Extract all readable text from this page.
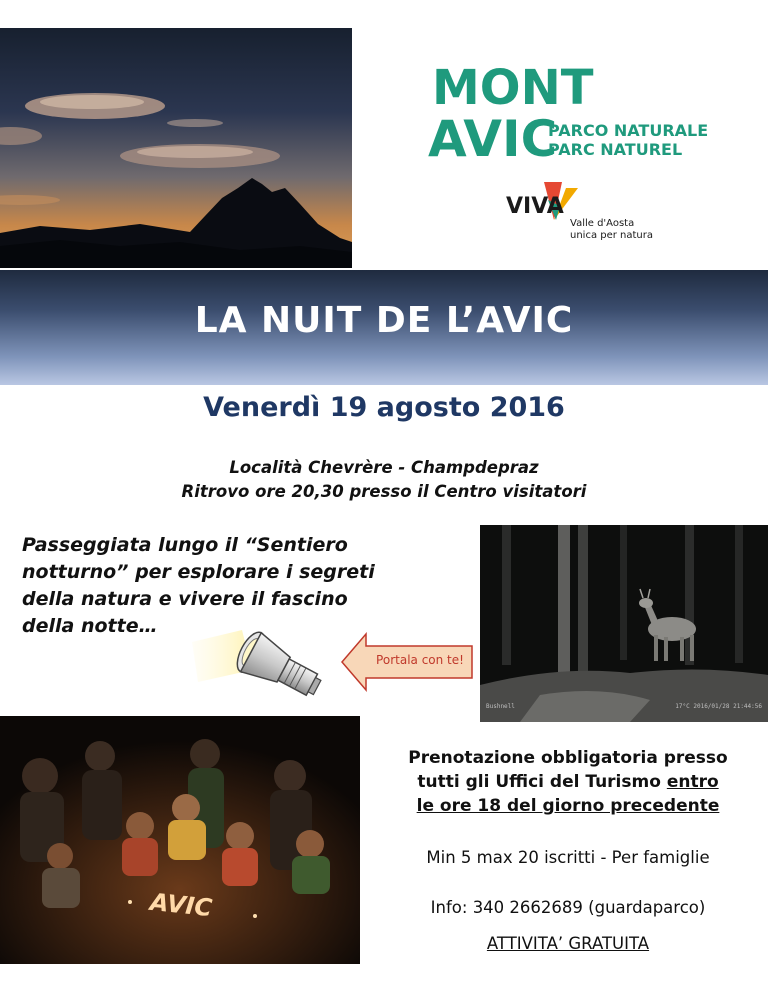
MONT
AVIC
PARCO NATURALE
PARC NATUREL
VIVA
Valle d'Aosta
unica per natura
LA NUIT DE L’AVIC
Venerdì 19 agosto 2016
Località Chevrère - Champdepraz
Ritrovo ore 20,30 presso il Centro visitatori
Passeggiata lungo il “Sentiero
notturno” per esplorare i segreti
della natura e vivere il fascino
della notte…
Portala con te!
Bushnell	17°C 2016/01/28 21:44:56
AVIC
Prenotazione obbligatoria presso
tutti gli Uffici del Turismo entro
le ore 18 del giorno precedente
Min 5 max 20 iscritti - Per famiglie
Info: 340 2662689 (guardaparco)
ATTIVITA’ GRATUITA
